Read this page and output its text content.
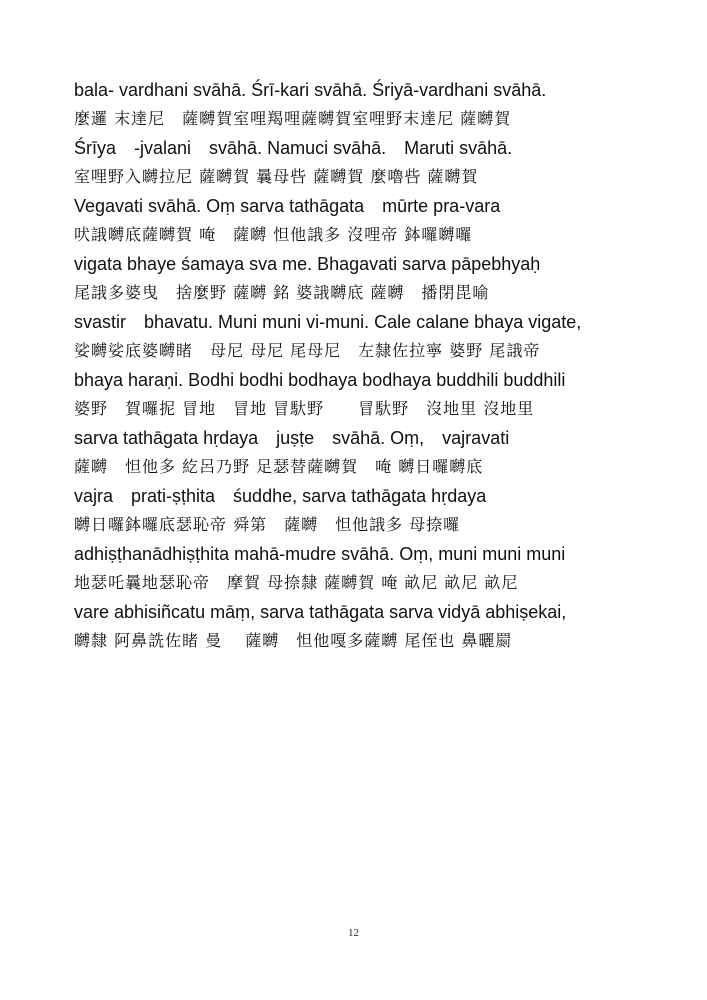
bala- vardhani svāhā. Śrī-kari svāhā. Śriyā-vardhani svāhā.
麼邏 末達尼　薩嚩賀室哩羯哩薩嚩賀室哩野末達尼 薩嚩賀
Śrīya　-jvalani　svāhā. Namuci svāhā.　Maruti svāhā.
室哩野入嚩拉尼 薩嚩賀 曩母呰 薩嚩賀 麼嚕呰 薩嚩賀
Vegavati svāhā. Oṃ sarva tathāgata　mūrte pra-vara
吠誐嚩底薩嚩賀 唵　薩嚩 怛他誐多 沒哩帝 鉢囉嚩囉
vigata bhaye śamaya sva me. Bhagavati sarva pāpebhyaḥ
尾誐多婆曳　捨麼野 薩嚩 銘 婆誐嚩底 薩嚩　播閉毘喻
svastir　bhavatu. Muni muni vi-muni. Cale calane bhaya vigate,
娑嚩娑底婆嚩睹　母尼 母尼 尾母尼　左隸佐拉寧 婆野 尾誐帝
bhaya haraṇi. Bodhi bodhi bodhaya bodhaya buddhili buddhili
婆野　賀囉抳 冒地　冒地 冒馱野　　冒馱野　沒地里 沒地里
sarva tathāgata hṛdaya　juṣṭe　svāhā. Oṃ,　vajravati
薩嚩　怛他多 紇呂乃野 足瑟替薩嚩賀　唵 嚩日囉嚩底
vajra　prati-ṣṭhita　śuddhe, sarva tathāgata hṛdaya
嚩日囉鉢囉底瑟恥帝 舜第　薩嚩　怛他誐多 母捺囉
adhiṣṭhanādhiṣṭhita mahā-mudre svāhā. Oṃ, muni muni muni
地瑟吒曩地瑟恥帝　摩賀 母捺隸 薩嚩賀 唵 畝尼 畝尼 畝尼
vare abhisiñcatu māṃ, sarva tathāgata sarva vidyā abhiṣekai,
嚩隸 阿鼻詵佐睹 曼　 薩嚩　怛他嘎多薩嚩 尾侄也 鼻曬罽
12
